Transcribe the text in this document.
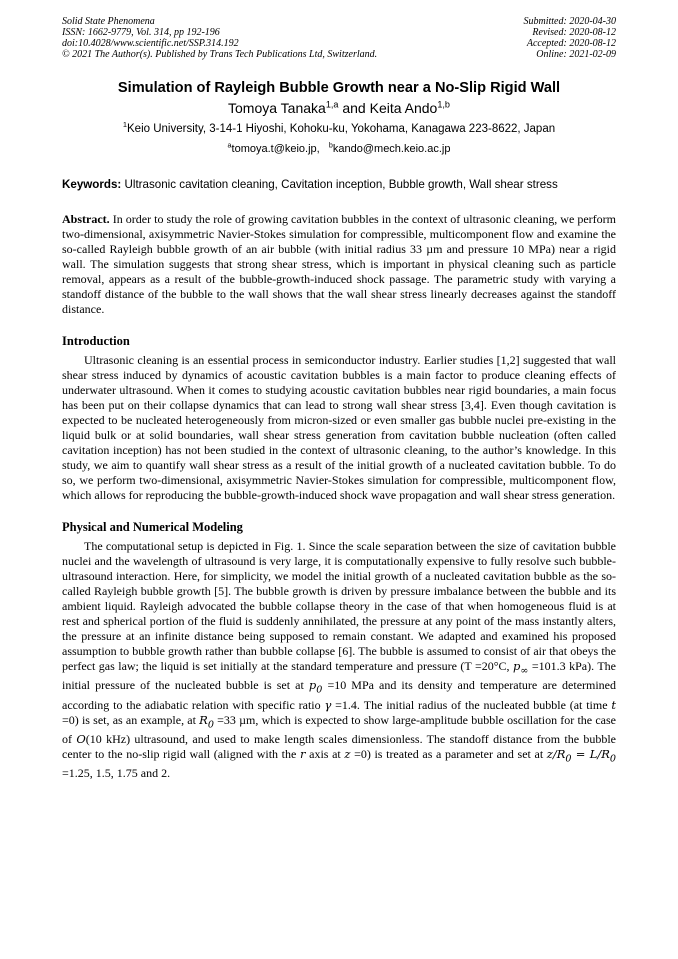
Solid State Phenomena
ISSN: 1662-9779, Vol. 314, pp 192-196
doi:10.4028/www.scientific.net/SSP.314.192
© 2021 The Author(s). Published by Trans Tech Publications Ltd, Switzerland.
Submitted: 2020-04-30
Revised: 2020-08-12
Accepted: 2020-08-12
Online: 2021-02-09
Simulation of Rayleigh Bubble Growth near a No-Slip Rigid Wall
Tomoya Tanaka$^{1,a}$ and Keita Ando$^{1,b}$
$^1$Keio University, 3-14-1 Hiyoshi, Kohoku-ku, Yokohama, Kanagawa 223-8622, Japan
$^a$tomoya.t@keio.jp, $^b$kando@mech.keio.ac.jp
Keywords: Ultrasonic cavitation cleaning, Cavitation inception, Bubble growth, Wall shear stress

Abstract. In order to study the role of growing cavitation bubbles in the context of ultrasonic cleaning, we perform two-dimensional, axisymmetric Navier-Stokes simulation for compressible, multicomponent flow and examine the so-called Rayleigh bubble growth of an air bubble (with initial radius 33 µm and pressure 10 MPa) near a rigid wall. The simulation suggests that strong shear stress, which is important in physical cleaning such as particle removal, appears as a result of the bubble-growth-induced shock passage. The parametric study with varying a standoff distance of the bubble to the wall shows that the wall shear stress linearly decreases against the standoff distance.

Introduction

Ultrasonic cleaning is an essential process in semiconductor industry. Earlier studies [1,2] suggested that wall shear stress induced by dynamics of acoustic cavitation bubbles is a main factor to produce cleaning effects of underwater ultrasound. When it comes to studying acoustic cavitation bubbles near rigid boundaries, a main focus has been put on their collapse dynamics that can lead to strong wall shear stress [3,4]. Even though cavitation is expected to be nucleated heterogeneously from micron-sized or even smaller gas bubble nuclei pre-existing in the liquid bulk or at solid boundaries, wall shear stress generation from cavitation bubble nucleation (often called cavitation inception) has not been studied in the context of ultrasonic cleaning, to the author’s knowledge. In this study, we aim to quantify wall shear stress as a result of the initial growth of a nucleated cavitation bubble. To do so, we perform two-dimensional, axisymmetric Navier-Stokes simulation for compressible, multicomponent flow, which allows for reproducing the bubble-growth-induced shock wave propagation and wall shear stress generation.

Physical and Numerical Modeling

The computational setup is depicted in Fig. 1. Since the scale separation between the size of cavitation bubble nuclei and the wavelength of ultrasound is very large, it is computationally expensive to fully resolve such bubble-ultrasound interaction. Here, for simplicity, we model the initial growth of a nucleated cavitation bubble as the so-called Rayleigh bubble growth [5]. The bubble growth is driven by pressure imbalance between the bubble and its ambient liquid. Rayleigh advocated the bubble collapse theory in the case of that when homogeneous fluid is at rest and spherical portion of the fluid is suddenly annihilated, the pressure at any point of the mass instantly alters, the pressure at an infinite distance being supposed to remain constant. We adapted and examined his proposed assumption to bubble growth rather than bubble collapse [6]. The bubble is assumed to consist of air that obeys the perfect gas law; the liquid is set initially at the standard temperature and pressure (T =20°C, $p_\infty =101.3$ kPa). The initial pressure of the nucleated bubble is set at $p_0 =10$ MPa and its density and temperature are determined according to the adiabatic relation with specific ratio γ =1.4. The initial radius of the nucleated bubble (at time t =0) is set, as an example, at $R_0 =33$ µm, which is expected to show large-amplitude bubble oscillation for the case of O(10 kHz) ultrasound, and used to make length scales dimensionless. The standoff distance from the bubble center to the no-slip rigid wall (aligned with the r axis at z =0) is treated as a parameter and set at $z/R_0 = L/R_0 =1.25$, 1.5, 1.75 and 2.
